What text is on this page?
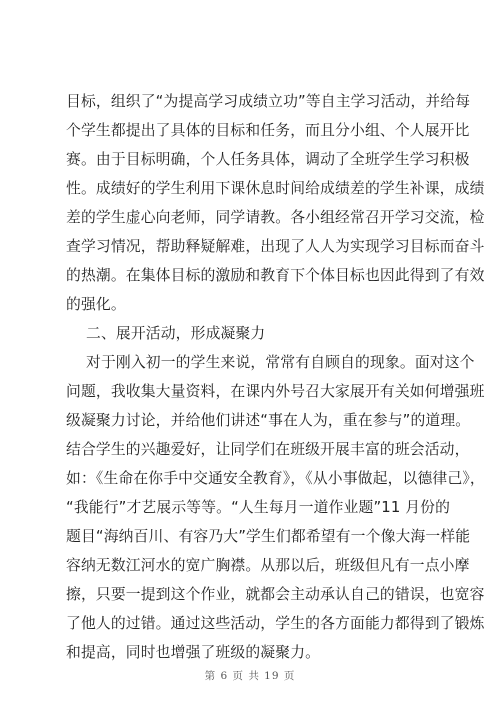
目标，组织了“为提高学习成绩立功”等自主学习活动，并给每
个学生都提出了具体的目标和任务，而且分小组、个人展开比
赛。由于目标明确，个人任务具体，调动了全班学生学习积极
性。成绩好的学生利用下课休息时间给成绩差的学生补课，成绩
差的学生虚心向老师，同学请教。各小组经常召开学习交流，检
查学习情况，帮助释疑解难，出现了人人为实现学习目标而奋斗
的热潮。在集体目标的激励和教育下个体目标也因此得到了有效
的强化。
二、展开活动，形成凝聚力
对于刚入初一的学生来说，常常有自顾自的现象。面对这个
问题，我收集大量资料，在课内外号召大家展开有关如何增强班
级凝聚力讨论，并给他们讲述“事在人为，重在参与”的道理。
结合学生的兴趣爱好，让同学们在班级开展丰富的班会活动，
如：《生命在你手中交通安全教育》，《从小事做起，以德律己》，
“我能行”才艺展示等等。“人生每月一道作业题”11 月份的
题目“海纳百川、有容乃大”学生们都希望有一个像大海一样能
容纳无数江河水的宽广胸襟。从那以后，班级但凡有一点小摩
擦，只要一提到这个作业，就都会主动承认自己的错误，也宽容
了他人的过错。通过这些活动，学生的各方面能力都得到了锻炼
和提高，同时也增强了班级的凝聚力。
第 6 页 共 19 页
